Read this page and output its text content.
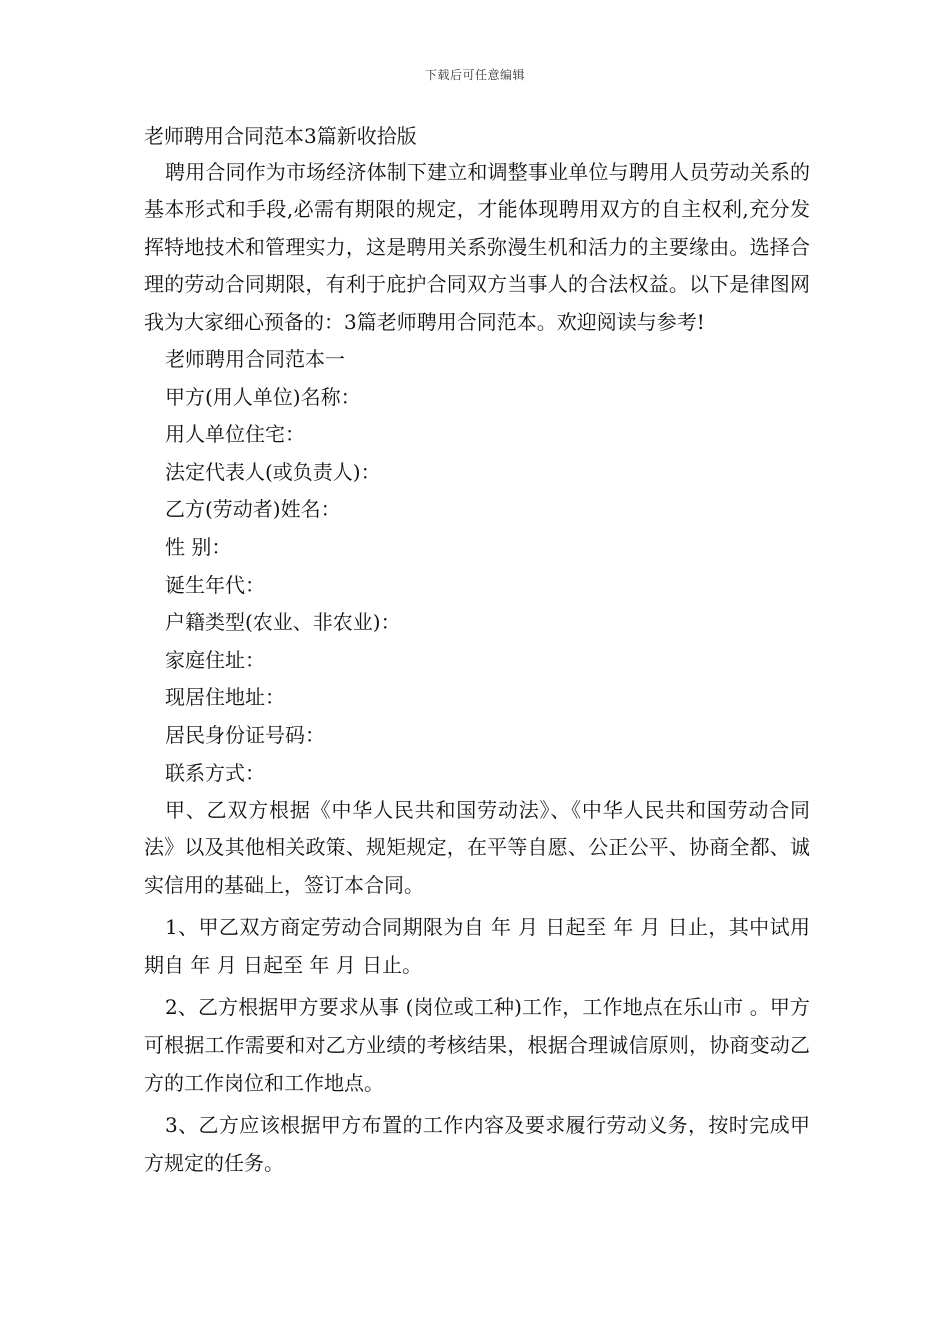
下载后可任意编辑

老师聘用合同范本3篇新收拾版

聘用合同作为市场经济体制下建立和调整事业单位与聘用人员劳动关系的基本形式和手段,必需有期限的规定，才能体现聘用双方的自主权利,充分发挥特地技术和管理实力，这是聘用关系弥漫生机和活力的主要缘由。选择合理的劳动合同期限，有利于庇护合同双方当事人的合法权益。以下是律图网我为大家细心预备的：3篇老师聘用合同范本。欢迎阅读与参考!

老师聘用合同范本一
甲方(用人单位)名称：
用人单位住宅：
法定代表人(或负责人)：
乙方(劳动者)姓名：
性 别：
诞生年代：
户籍类型(农业、非农业)：
家庭住址：
现居住地址：
居民身份证号码：
联系方式：

甲、乙双方根据《中华人民共和国劳动法》、《中华人民共和国劳动合同法》以及其他相关政策、规矩规定，在平等自愿、公正公平、协商全都、诚实信用的基础上，签订本合同。

1、甲乙双方商定劳动合同期限为自 年 月 日起至 年 月 日止，其中试用期自 年 月 日起至 年 月 日止。

2、乙方根据甲方要求从事 (岗位或工种)工作，工作地点在乐山市 。甲方可根据工作需要和对乙方业绩的考核结果，根据合理诚信原则，协商变动乙方的工作岗位和工作地点。

3、乙方应该根据甲方布置的工作内容及要求履行劳动义务，按时完成甲方规定的任务。
